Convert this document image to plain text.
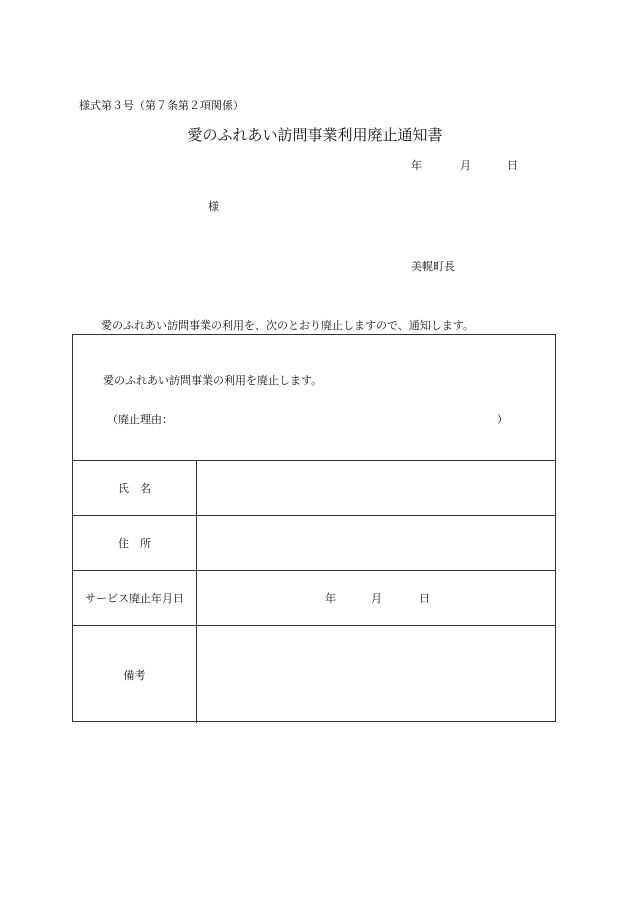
様式第３号（第７条第２項関係）
愛のふれあい訪問事業利用廃止通知書
年	月	日
様
美幌町長
愛のふれあい訪問事業の利用を、次のとおり廃止しますので、通知します。
愛のふれあい訪問事業の利用を廃止します。
（廃止理由：	）
氏　名
住　所
サービス廃止年月日	年	月	日
備考
